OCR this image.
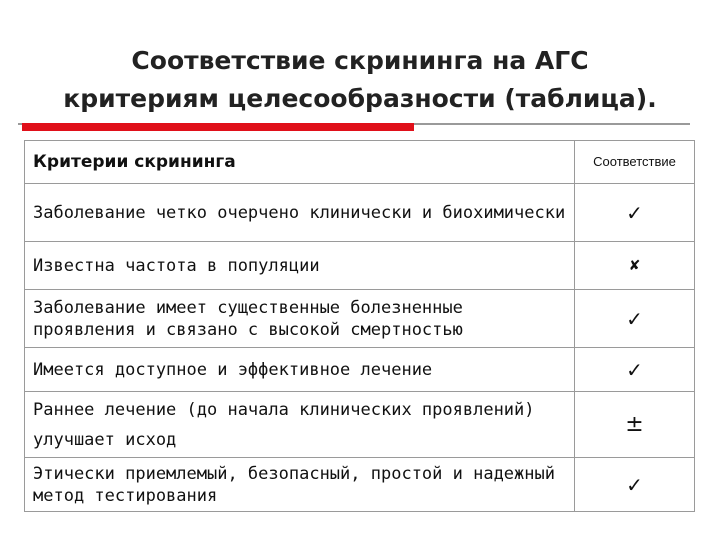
Соответствие скрининга на АГС
критериям целесообразности (таблица).
Критерии скрининга	Соответствие
Заболевание четко очерчено клинически и биохимически	✓
Известна частота в популяции	✘
Заболевание имеет существенные болезненные проявления и связано с высокой смертностью	✓
Имеется доступное и эффективное лечение	✓
Раннее лечение (до начала клинических проявлений) улучшает исход	±
Этически приемлемый, безопасный, простой и надежный метод тестирования	✓
